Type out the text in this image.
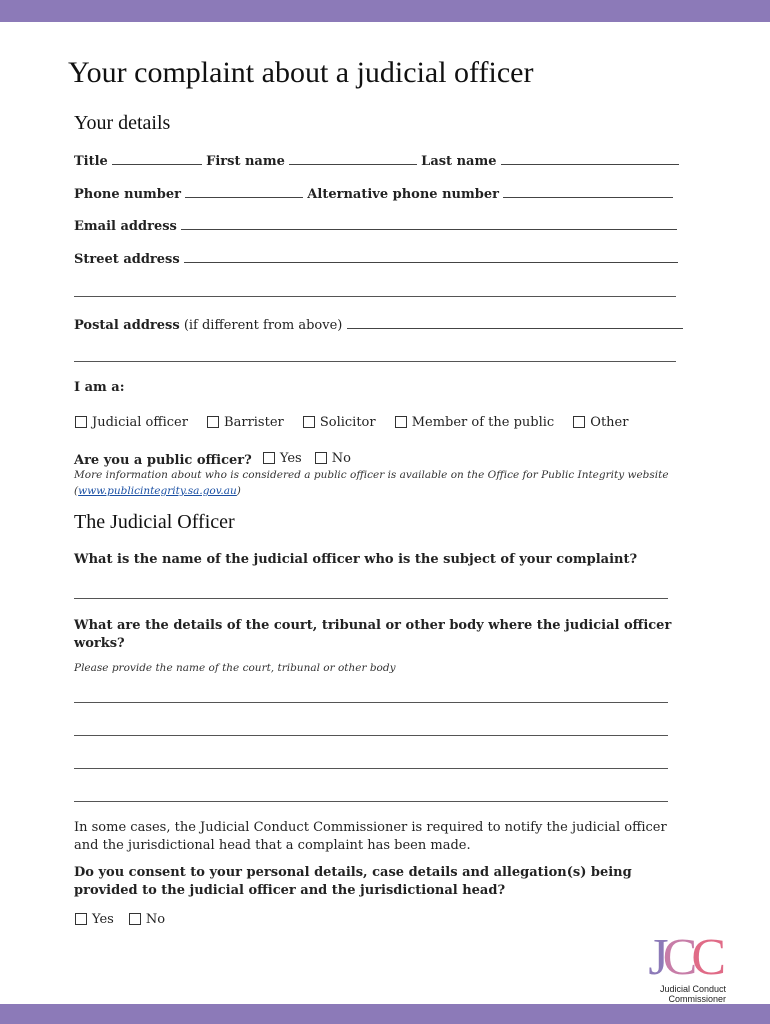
Your complaint about a judicial officer
Your details
Title	First name	Last name
Phone number	Alternative phone number
Email address
Street address
Postal address (if different from above)
I am a:
Judicial officer
	Barrister
	Solicitor
	Member of the public
	Other
Are you a public officer? Yes
No
More information about who is considered a public officer is available on the Office for Public Integrity website
(www.publicintegrity.sa.gov.au)
The Judicial Officer
What is the name of the judicial officer who is the subject of your complaint?
What are the details of the court, tribunal or other body where the judicial officer works?
Please provide the name of the court, tribunal or other body
In some cases, the Judicial Conduct Commissioner is required to notify the judicial officer and the jurisdictional head that a complaint has been made.
Do you consent to your personal details, case details and allegation(s) being provided to the judicial officer and the jurisdictional head?
Yes
No
JCC
Judicial Conduct
Commissioner
